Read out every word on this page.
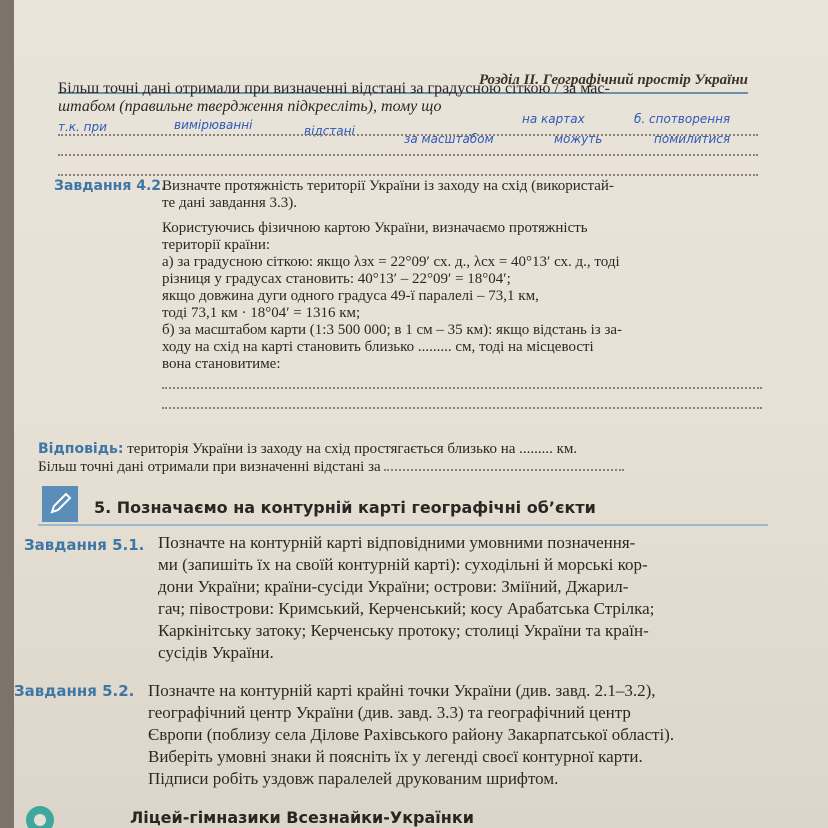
Розділ II. Географічний простір України
Більш точні дані отримали при визначенні відстані за градусною сіткою / за мас-
штабом (правильне твердження підкресліть), тому що
на картах	б. спотворення
т.к. при	вимірюванні	відстані
за масштабом	можуть	помилитися
Завдання 4.2.
Визначте протяжність території України із заходу на схід (використай-
те дані завдання 3.3).
Користуючись фізичною картою України, визначаємо протяжність
території країни:
а) за градусною сіткою: якщо λзх = 22°09′ сх. д., λсх = 40°13′ сх. д., тоді
різниця у градусах становить: 40°13′ – 22°09′ = 18°04′;
якщо довжина дуги одного градуса 49-ї паралелі – 73,1 км,
тоді 73,1 км · 18°04′ = 1316 км;
б) за масштабом карти (1:3 500 000; в 1 см – 35 км): якщо відстань із за-
ходу на схід на карті становить близько ......... см, тоді на місцевості
вона становитиме:
Відповідь: територія України із заходу на схід простягається близько на ......... км.
Більш точні дані отримали при визначенні відстані за
5. Позначаємо на контурній карті географічні об’єкти
Завдання 5.1. Позначте на контурній карті відповідними умовними позначення-
ми (запишіть їх на своїй контурній карті): суходільні й морські кор-
дони України; країни-сусіди України; острови: Зміїний, Джарил-
гач; півострови: Кримський, Керченський; косу Арабатська Стрілка;
Каркінітську затоку; Керченську протоку; столиці України та країн-
сусідів України.
Завдання 5.2. Позначте на контурній карті крайні точки України (див. завд. 2.1–3.2),
географічний центр України (див. завд. 3.3) та географічний центр
Європи (поблизу села Ділове Рахівського району Закарпатської області).
Виберіть умовні знаки й поясніть їх у легенді своєї контурної карти.
Підписи робіть уздовж паралелей друкованим шрифтом.
Ліцей-гімназики Всезнайки-Українки
